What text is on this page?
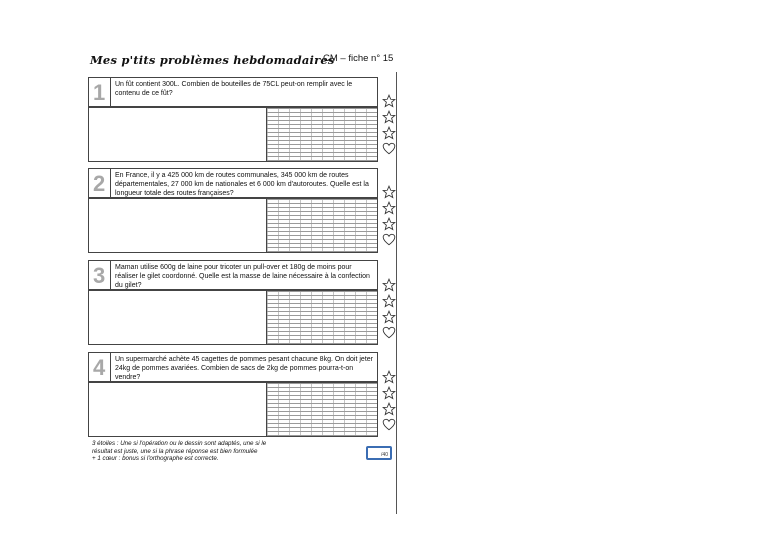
Mes p'tits problèmes hebdomadaires
CM – fiche n° 15
1	Un fût contient 300L. Combien de bouteilles de 75CL peut-on remplir avec le contenu de ce fût?
2	En France, il y a 425 000 km de routes communales, 345 000 km de routes départementales, 27 000 km de nationales et 6 000 km d'autoroutes. Quelle est la longueur totale des routes françaises?
3	Maman utilise 600g de laine pour tricoter un pull-over et 180g de moins pour réaliser le gilet coordonné. Quelle est la masse de laine nécessaire à la confection du gilet?
4	Un supermarché achète 45 cagettes de pommes pesant chacune 8kg. On doit jeter 24kg de pommes avariées. Combien de sacs de 2kg de pommes pourra-t-on vendre?
3 étoiles : Une si l'opération ou le dessin sont adaptés, une si le
résultat est juste, une si la phrase réponse est bien formulée
+ 1 cœur : bonus si l'orthographe est correcte.	/40
